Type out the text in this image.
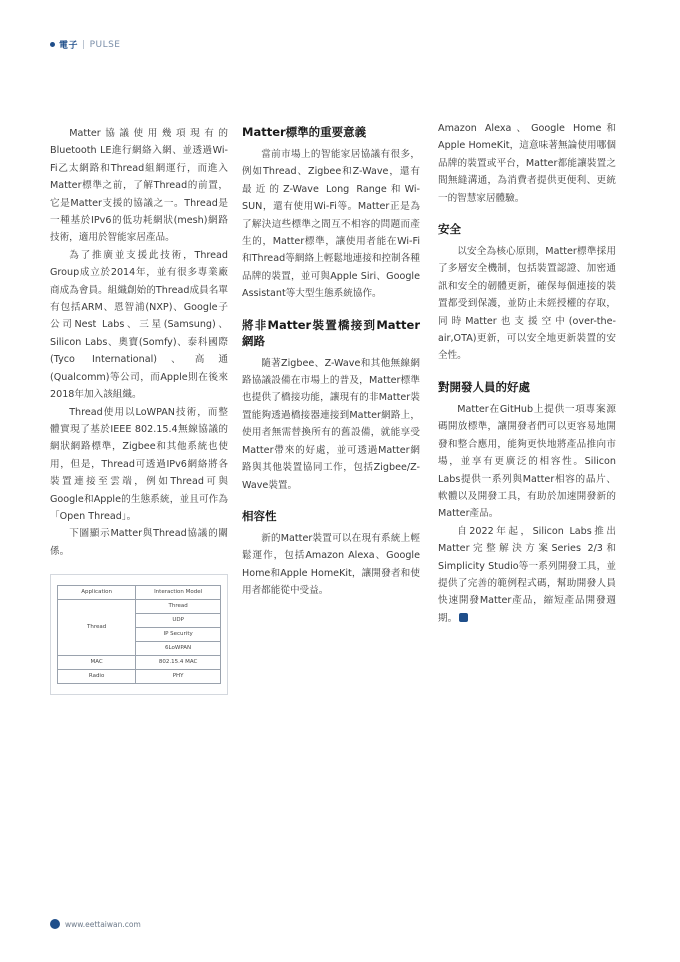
電子 | PULSE

Matter協議使用幾項現有的Bluetooth LE進行網絡入網、並透過Wi-Fi乙太網路和Thread組網運行，而進入Matter標準之前，了解Thread的前置，它是Matter支援的協議之一。Thread是一種基於IPv6的低功耗網狀(mesh)網路技術，適用於智能家居產品。

為了推廣並支援此技術，Thread Group成立於2014年，並有很多專業廠商成為會員。組織創始的Thread成員名單有包括ARM、恩智浦(NXP)、Google子公司Nest Labs、三星(Samsung)、Silicon Labs、奧寶(Somfy)、泰科國際(Tyco International)、高通(Qualcomm)等公司，而Apple則在後來2018年加入該組織。

Thread使用以LoWPAN技術，而整體實現了基於IEEE 802.15.4無線協議的網狀網路標準，Zigbee和其他系統也使用，但是，Thread可透過IPv6網絡將各裝置連接至雲端，例如Thread可與Google和Apple的生態系統，並且可作為「Open Thread」。

下圖顯示Matter與Thread協議的關係。

Application	Interaction Model
Thread	Thread
	UDP
	IP Security
	6LoWPAN
MAC	802.15.4 MAC
Radio	PHY
Matter標準的重要意義

當前市場上的智能家居協議有很多，例如Thread、Zigbee和Z-Wave，還有最近的Z-Wave Long Range和Wi-SUN，還有使用Wi-Fi等。Matter正是為了解決這些標準之間互不相容的問題而產生的，Matter標準，讓使用者能在Wi-Fi和Thread等網絡上輕鬆地連接和控制各種品牌的裝置，並可與Apple Siri、Google Assistant等大型生態系統協作。

將非Matter裝置橋接到Matter網路

隨著Zigbee、Z-Wave和其他無線網路協議設備在市場上的普及，Matter標準也提供了橋接功能，讓現有的非Matter裝置能夠透過橋接器連接到Matter網路上，使用者無需替換所有的舊設備，就能享受Matter帶來的好處，並可透過Matter網路與其他裝置協同工作，包括Zigbee/Z-Wave裝置。

相容性

新的Matter裝置可以在現有系統上輕鬆運作，包括Amazon Alexa、Google Home和Apple HomeKit，讓開發者和使用者都能從中受益。

Amazon Alexa、Google Home和Apple HomeKit，這意味著無論使用哪個品牌的裝置或平台，Matter都能讓裝置之間無縫溝通，為消費者提供更便利、更統一的智慧家居體驗。

安全

以安全為核心原則，Matter標準採用了多層安全機制，包括裝置認證、加密通訊和安全的韌體更新，確保每個連接的裝置都受到保護，並防止未經授權的存取，同時Matter也支援空中(over-the-air,OTA)更新，可以安全地更新裝置的安全性。

對開發人員的好處

Matter在GitHub上提供一項專案源碼開放標準，讓開發者們可以更容易地開發和整合應用，能夠更快地將產品推向市場，並享有更廣泛的相容性。Silicon Labs提供一系列與Matter相容的晶片、軟體以及開發工具，有助於加速開發新的Matter產品。

自2022年起，Silicon Labs推出Matter完整解決方案Series 2/3和Simplicity Studio等一系列開發工具，並提供了完善的範例程式碼，幫助開發人員快速開發Matter產品，縮短產品開發週期。

www.eettaiwan.com
